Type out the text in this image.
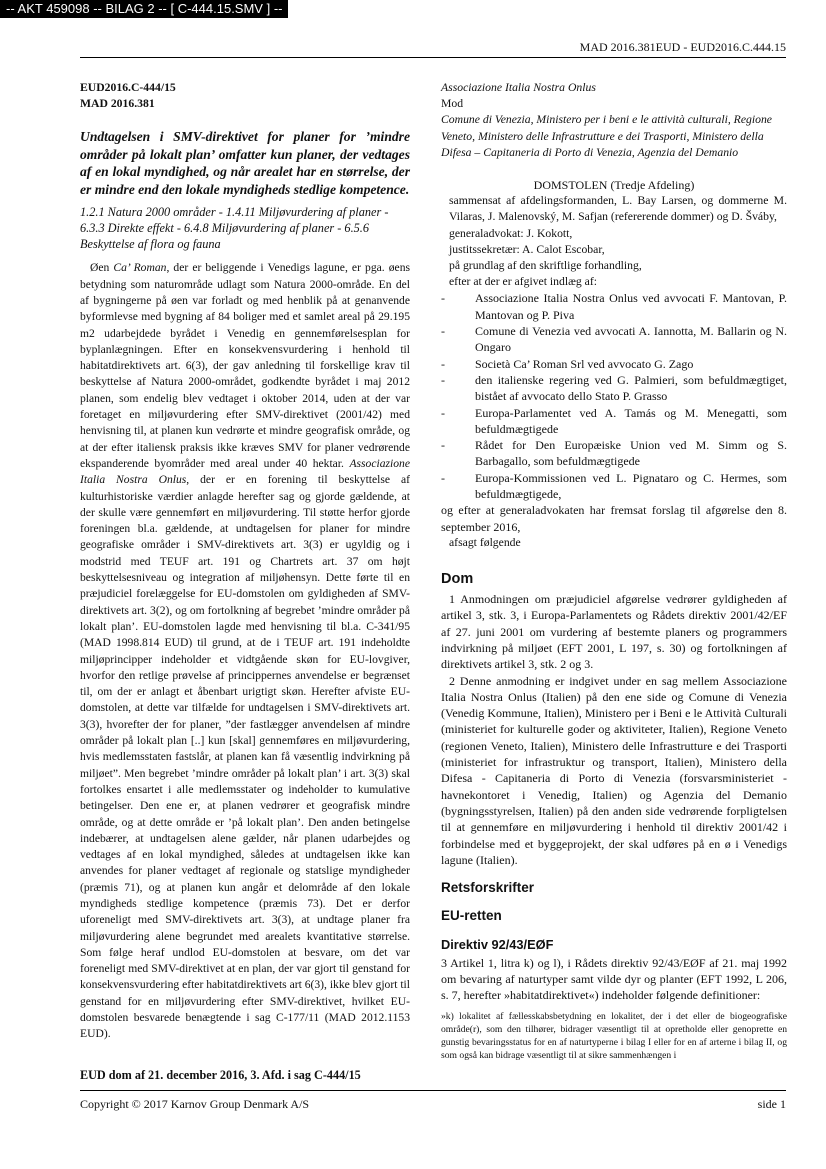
-- AKT 459098 -- BILAG 2 -- [ C-444.15.SMV ] --
MAD 2016.381EUD - EUD2016.C.444.15

EUD2016.C-444/15

MAD 2016.381

Undtagelsen i SMV-direktivet for planer for ’mindre områder på lokalt plan’ omfatter kun planer, der vedtages af en lokal myndighed, og når arealet har en størrelse, der er mindre end den lokale myndigheds stedlige kompetence.

1.2.1 Natura 2000 områder - 1.4.11 Miljøvurdering af planer - 6.3.3 Direkte effekt - 6.4.8 Miljøvurdering af planer - 6.5.6 Beskyttelse af flora og fauna

Øen Ca’ Roman, der er beliggende i Venedigs lagune, er pga. øens betydning som naturområde udlagt som Natura 2000-område. En del af bygningerne på øen var forladt og med henblik på at genanvende byformlevse med bygning af 84 boliger med et samlet areal på 29.195 m2 udarbejdede byrådet i Venedig en gennemførelsesplan for byplanlægningen. Efter en konsekvensvurdering i henhold til habitatdirektivets art. 6(3), der gav anledning til forskellige krav til beskyttelse af Natura 2000-området, godkendte byrådet i maj 2012 planen, som endelig blev vedtaget i oktober 2014, uden at der var foretaget en miljøvurdering efter SMV-direktivet (2001/42) med henvisning til, at planen kun vedrørte et mindre geografisk område, og at der efter italiensk praksis ikke kræves SMV for planer vedrørende ekspanderende byområder med areal under 40 hektar. Associazione Italia Nostra Onlus, der er en forening til beskyttelse af kulturhistoriske værdier anlagde herefter sag og gjorde gældende, at der skulle være gennemført en miljøvurdering. Til støtte herfor gjorde foreningen bl.a. gældende, at undtagelsen for planer for mindre geografiske områder i SMV-direktivets art. 3(3) er ugyldig og i modstrid med TEUF art. 191 og Chartrets art. 37 om højt beskyttelsesniveau og integration af miljøhensyn. Dette førte til en præjudiciel forelæggelse for EU-domstolen om gyldigheden af SMV-direktivets art. 3(2), og om fortolkning af begrebet ’mindre områder på lokalt plan’. EU-domstolen lagde med henvisning til bl.a. C-341/95 (MAD 1998.814 EUD) til grund, at de i TEUF art. 191 indeholdte miljøprincipper indeholder et vidtgående skøn for EU-lovgiver, hvorfor den retlige prøvelse af princippernes anvendelse er begrænset til, om der er anlagt et åbenbart urigtigt skøn. Herefter afviste EU-domstolen, at dette var tilfælde for undtagelsen i SMV-direktivets art. 3(3), hvorefter der for planer, ”der fastlægger anvendelsen af mindre områder på lokalt plan [..] kun [skal] gennemføres en miljøvurdering, hvis medlemsstaten fastslår, at planen kan få væsentlig indvirkning på miljøet”. Men begrebet ’mindre områder på lokalt plan’ i art. 3(3) skal fortolkes ensartet i alle medlemsstater og indeholder to kumulative betingelser. Den ene er, at planen vedrører et geografisk mindre område, og at dette område er ’på lokalt plan’. Den anden betingelse indebærer, at undtagelsen alene gælder, når planen udarbejdes og vedtages af en lokal myndighed, således at undtagelsen ikke kan anvendes for planer vedtaget af regionale og statslige myndigheder (præmis 71), og at planen kun angår et delområde af den lokale myndigheds stedlige kompetence (præmis 73). Det er derfor uforeneligt med SMV-direktivets art. 3(3), at undtage planer fra miljøvurdering alene begrundet med arealets kvantitative størrelse. Som følge heraf undlod EU-domstolen at besvare, om det var foreneligt med SMV-direktivet at en plan, der var gjort til genstand for konsekvensvurdering efter habitatdirektivets art 6(3), ikke blev gjort til genstand for en miljøvurdering efter SMV-direktivet, hvilket EU-domstolen besvarede benægtende i sag C-177/11 (MAD 2012.1153 EUD).

EUD dom af 21. december 2016, 3. Afd. i sag C-444/15

Associazione Italia Nostra Onlus

Mod

Comune di Venezia, Ministero per i beni e le attività culturali, Regione Veneto, Ministero delle Infrastrutture e dei Trasporti, Ministero della Difesa – Capitaneria di Porto di Venezia, Agenzia del Demanio

DOMSTOLEN (Tredje Afdeling)

sammensat af afdelingsformanden, L. Bay Larsen, og dommerne M. Vilaras, J. Malenovský, M. Safjan (refererende dommer) og D. Šváby,

generaladvokat: J. Kokott,

justitssekretær: A. Calot Escobar,

på grundlag af den skriftlige forhandling,

efter at der er afgivet indlæg af:

-	Associazione Italia Nostra Onlus ved avvocati F. Mantovan, P. Mantovan og P. Piva
-	Comune di Venezia ved avvocati A. Iannotta, M. Ballarin og N. Ongaro
-	Società Ca’ Roman Srl ved avvocato G. Zago
-	den italienske regering ved G. Palmieri, som befuldmægtiget, bistået af avvocato dello Stato P. Grasso
-	Europa-Parlamentet ved A. Tamás og M. Menegatti, som befuldmægtigede
-	Rådet for Den Europæiske Union ved M. Simm og S. Barbagallo, som befuldmægtigede
-	Europa-Kommissionen ved L. Pignataro og C. Hermes, som befuldmægtigede,

og efter at generaladvokaten har fremsat forslag til afgørelse den 8. september 2016,

afsagt følgende

Dom

1 Anmodningen om præjudiciel afgørelse vedrører gyldigheden af artikel 3, stk. 3, i Europa-Parlamentets og Rådets direktiv 2001/42/EF af 27. juni 2001 om vurdering af bestemte planers og programmers indvirkning på miljøet (EFT 2001, L 197, s. 30) og fortolkningen af direktivets artikel 3, stk. 2 og 3.

2 Denne anmodning er indgivet under en sag mellem Associazione Italia Nostra Onlus (Italien) på den ene side og Comune di Venezia (Venedig Kommune, Italien), Ministero per i Beni e le Attività Culturali (ministeriet for kulturelle goder og aktiviteter, Italien), Regione Veneto (regionen Veneto, Italien), Ministero delle Infrastrutture e dei Trasporti (ministeriet for infrastruktur og transport, Italien), Ministero della Difesa - Capitaneria di Porto di Venezia (forsvarsministeriet - havnekontoret i Venedig, Italien) og Agenzia del Demanio (bygningsstyrelsen, Italien) på den anden side vedrørende forpligtelsen til at gennemføre en miljøvurdering i henhold til direktiv 2001/42 i forbindelse med et byggeprojekt, der skal udføres på en ø i Venedigs lagune (Italien).

Retsforskrifter

EU-retten

Direktiv 92/43/EØF

3 Artikel 1, litra k) og l), i Rådets direktiv 92/43/EØF af 21. maj 1992 om bevaring af naturtyper samt vilde dyr og planter (EFT 1992, L 206, s. 7, herefter »habitatdirektivet«) indeholder følgende definitioner:

»k) lokalitet af fællesskabsbetydning en lokalitet, der i det eller de biogeografiske område(r), som den tilhører, bidrager væsentligt til at opretholde eller genoprette en gunstig bevaringsstatus for en af naturtyperne i bilag I eller for en af arterne i bilag II, og som også kan bidrage væsentligt til at sikre sammenhængen i

Copyright © 2017 Karnov Group Denmark A/S	side 1
